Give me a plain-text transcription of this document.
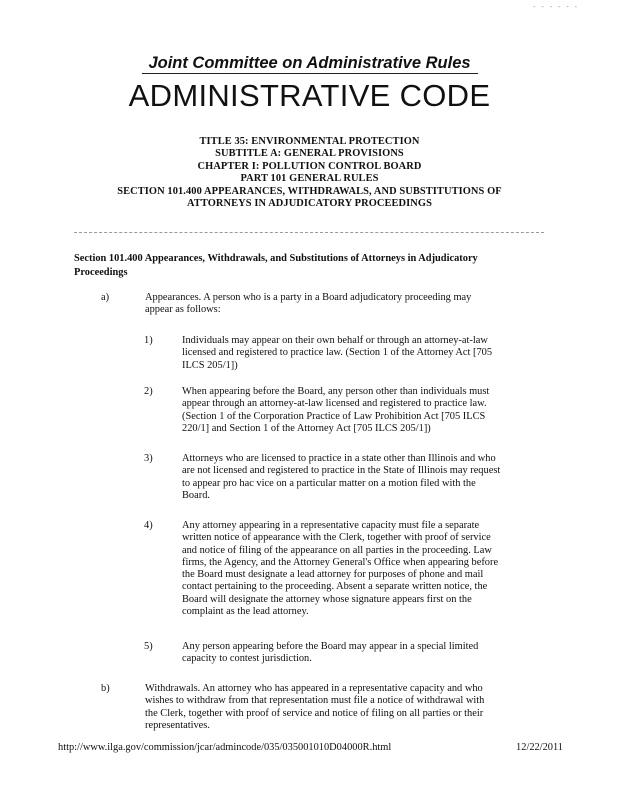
- - - - - -
Joint Committee on Administrative Rules
ADMINISTRATIVE CODE
TITLE 35: ENVIRONMENTAL PROTECTION
SUBTITLE A: GENERAL PROVISIONS
CHAPTER I: POLLUTION CONTROL BOARD
PART 101 GENERAL RULES
SECTION 101.400 APPEARANCES, WITHDRAWALS, AND SUBSTITUTIONS OF
ATTORNEYS IN ADJUDICATORY PROCEEDINGS
Section 101.400 Appearances, Withdrawals, and Substitutions of Attorneys in Adjudicatory
Proceedings
a)	Appearances. A person who is a party in a Board adjudicatory proceeding may
appear as follows:
1)	Individuals may appear on their own behalf or through an attorney-at-law
licensed and registered to practice law. (Section 1 of the Attorney Act [705
ILCS 205/1])
2)	When appearing before the Board, any person other than individuals must
appear through an attorney-at-law licensed and registered to practice law.
(Section 1 of the Corporation Practice of Law Prohibition Act [705 ILCS
220/1] and Section 1 of the Attorney Act [705 ILCS 205/1])
3)	Attorneys who are licensed to practice in a state other than Illinois and who
are not licensed and registered to practice in the State of Illinois may request
to appear pro hac vice on a particular matter on a motion filed with the
Board.
4)	Any attorney appearing in a representative capacity must file a separate
written notice of appearance with the Clerk, together with proof of service
and notice of filing of the appearance on all parties in the proceeding. Law
firms, the Agency, and the Attorney General's Office when appearing before
the Board must designate a lead attorney for purposes of phone and mail
contact pertaining to the proceeding. Absent a separate written notice, the
Board will designate the attorney whose signature appears first on the
complaint as the lead attorney.
5)	Any person appearing before the Board may appear in a special limited
capacity to contest jurisdiction.
b)	Withdrawals. An attorney who has appeared in a representative capacity and who
wishes to withdraw from that representation must file a notice of withdrawal with
the Clerk, together with proof of service and notice of filing on all parties or their
representatives.
http://www.ilga.gov/commission/jcar/admincode/035/035001010D04000R.html	12/22/2011
